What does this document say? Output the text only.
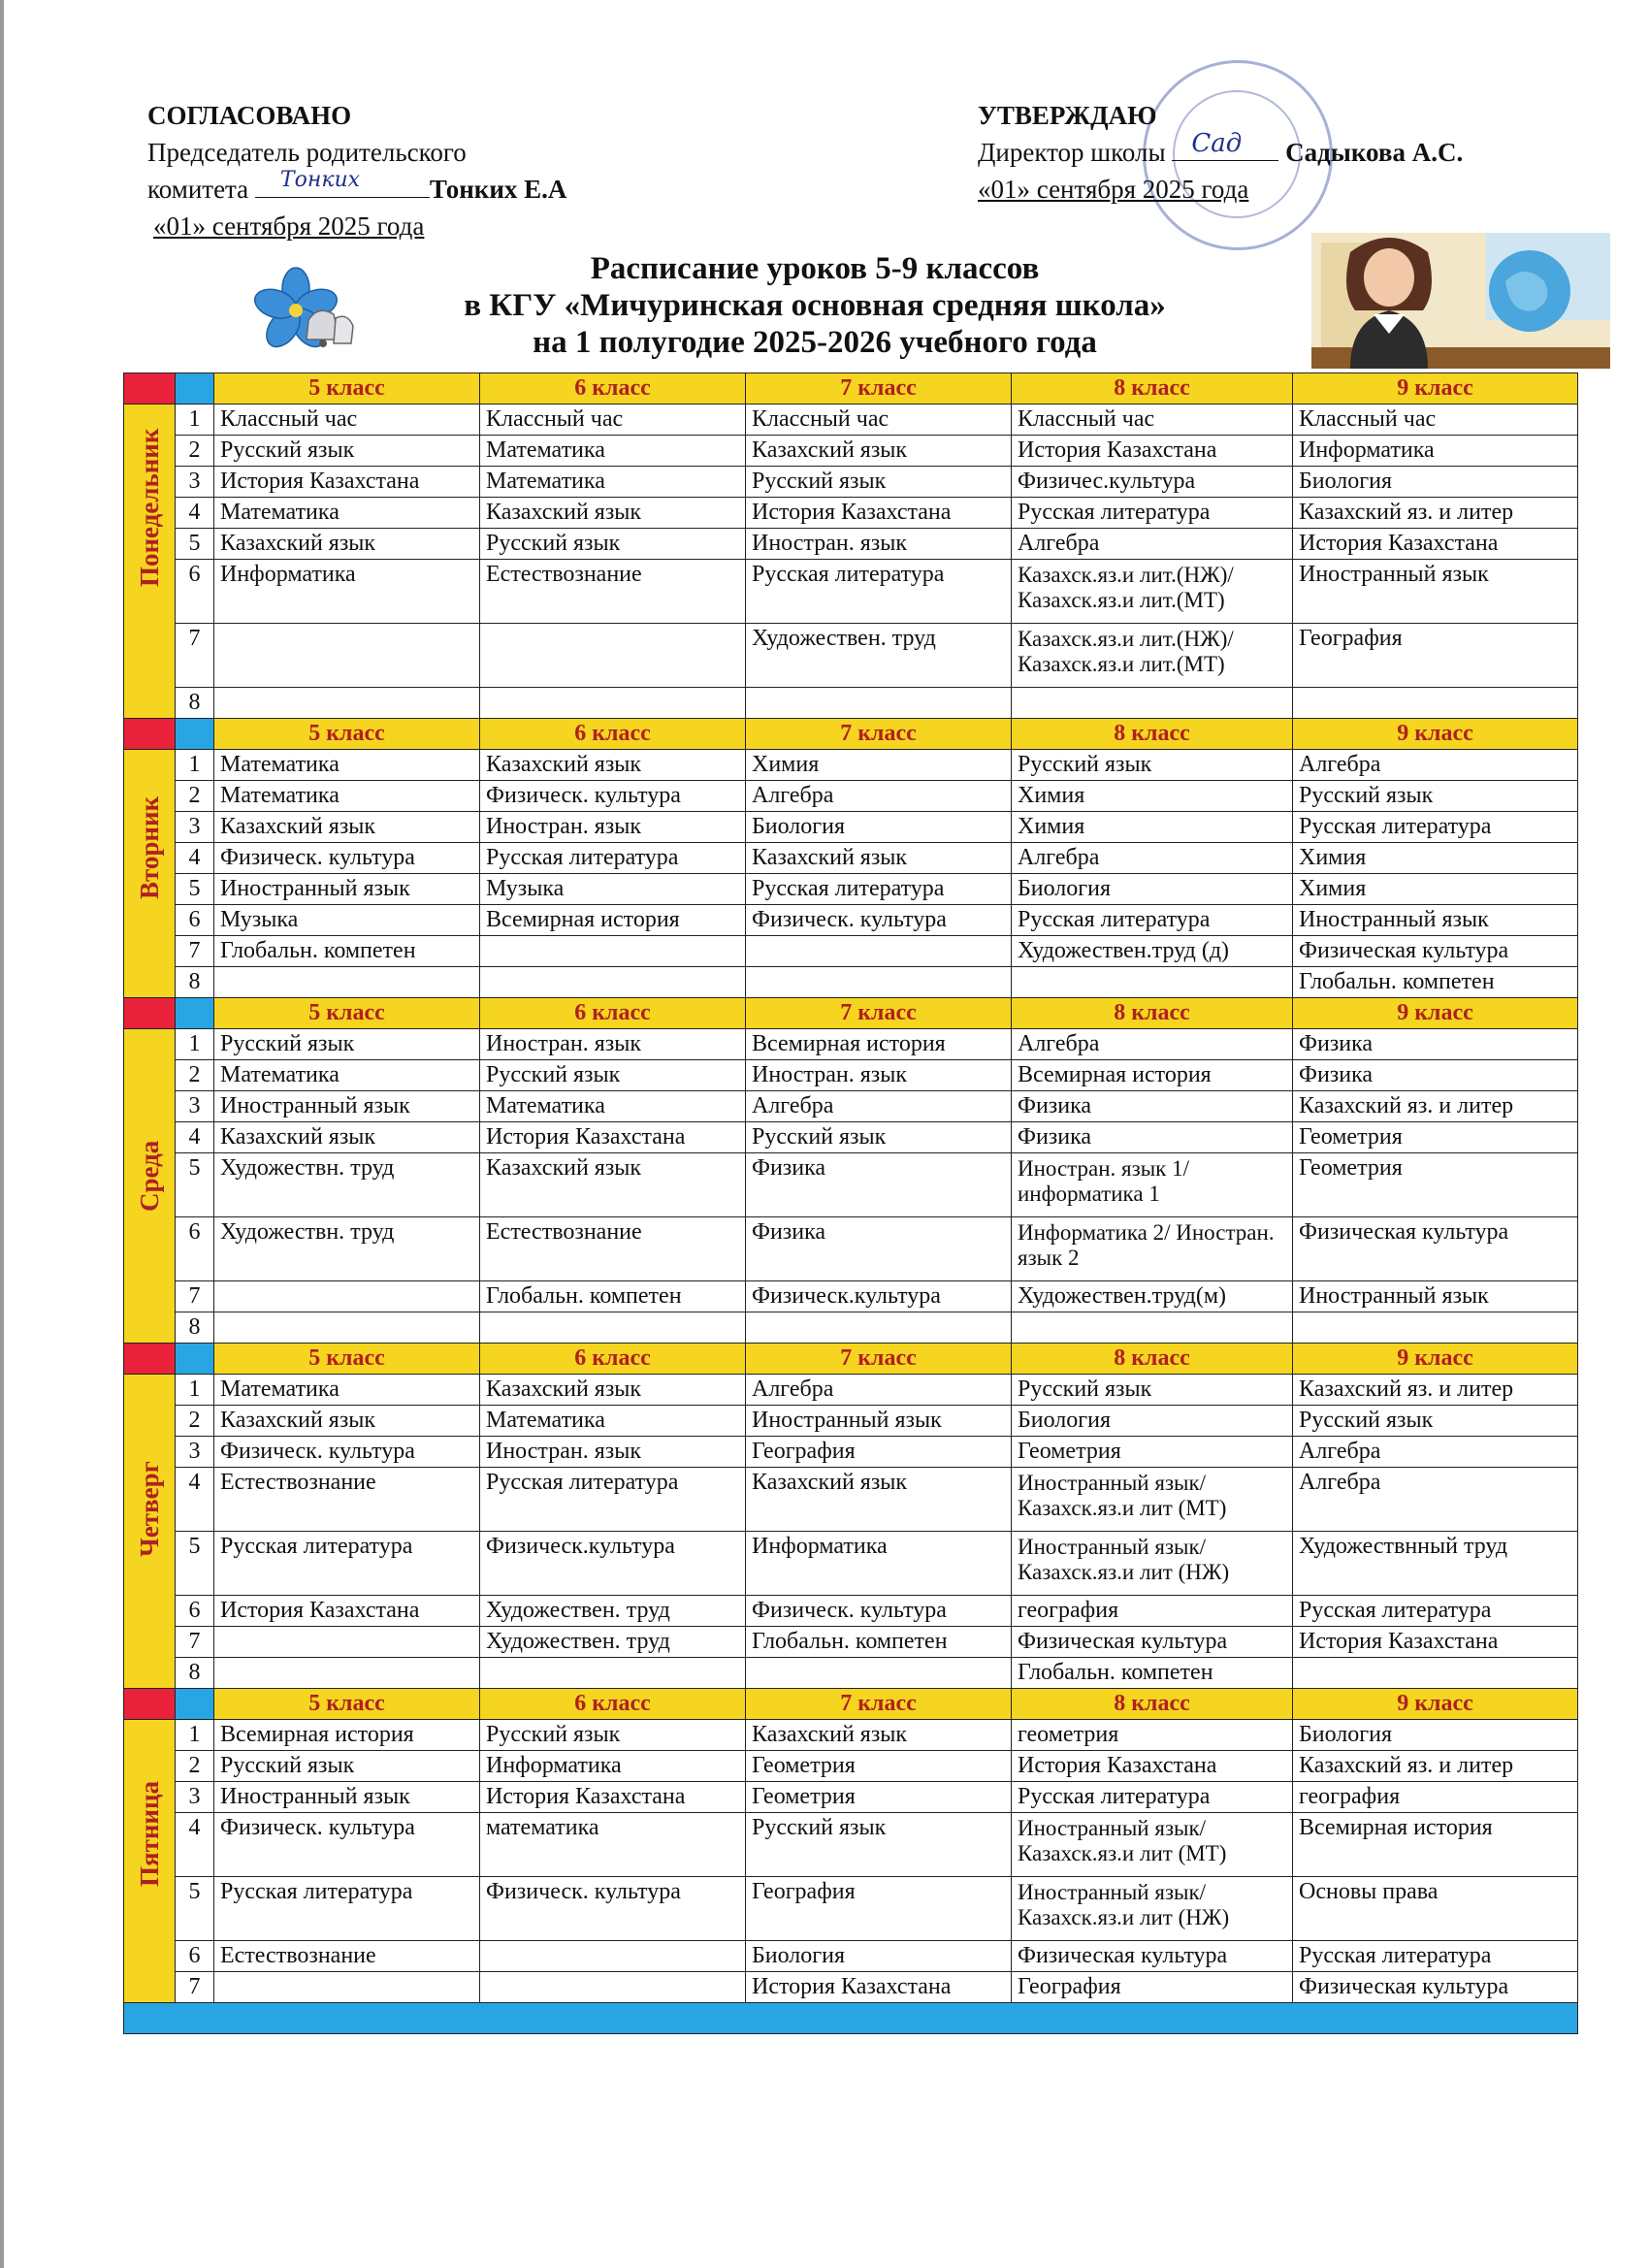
СОГЛАСОВАНО
Председатель родительского
комитета Тонких	Тонких Е.А
«01» сентября 2025 года
УТВЕРЖДАЮ
Директор школы Сад Садыкова А.С.
«01» сентября 2025 года
Расписание уроков 5-9 классов
в КГУ «Мичуринская основная средняя школа»
на 1 полугодие 2025-2026 учебного года
		5 класс	6 класс	7 класс	8 класс	9 класс

Понедельник	1	Классный час	Классный час	Классный час	Классный час	Классный час
	2	Русский язык	Математика	Казахский язык	История Казахстана	Информатика
	3	История Казахстана	Математика	Русский язык	Физичес.культура	Биология
	4	Математика	Казахский язык	История Казахстана	Русская литература	Казахский яз. и литер
	5	Казахский язык	Русский язык	Иностран. язык	Алгебра	История Казахстана
	6	Информатика	Естествознание	Русская литература	Казахск.яз.и лит.(НЖ)/ Казахск.яз.и лит.(МТ)	Иностранный язык
	7			Художествен. труд	Казахск.яз.и лит.(НЖ)/ Казахск.яз.и лит.(МТ)	География
	8					
		5 класс	6 класс	7 класс	8 класс	9 класс

Вторник	1	Математика	Казахский язык	Химия	Русский язык	Алгебра
	2	Математика	Физическ. культура	Алгебра	Химия	Русский язык
	3	Казахский язык	Иностран. язык	Биология	Химия	Русская литература
	4	Физическ. культура	Русская литература	Казахский язык	Алгебра	Химия
	5	Иностранный язык	Музыка	Русская литература	Биология	Химия
	6	Музыка	Всемирная история	Физическ. культура	Русская литература	Иностранный язык
	7	Глобальн. компетен			Художествен.труд (д)	Физическая культура
	8					Глобальн. компетен
		5 класс	6 класс	7 класс	8 класс	9 класс

Среда	1	Русский язык	Иностран. язык	Всемирная история	Алгебра	Физика
	2	Математика	Русский язык	Иностран. язык	Всемирная история	Физика
	3	Иностранный язык	Математика	Алгебра	Физика	Казахский яз. и литер
	4	Казахский язык	История Казахстана	Русский язык	Физика	Геометрия
	5	Художествн. труд	Казахский язык	Физика	Иностран. язык 1/ информатика 1	Геометрия
	6	Художествн. труд	Естествознание	Физика	Информатика 2/ Иностран. язык 2	Физическая культура
	7		Глобальн. компетен	Физическ.культура	Художествен.труд(м)	Иностранный язык
	8					
		5 класс	6 класс	7 класс	8 класс	9 класс

Четверг	1	Математика	Казахский язык	Алгебра	Русский язык	Казахский яз. и литер
	2	Казахский язык	Математика	Иностранный язык	Биология	Русский язык
	3	Физическ. культура	Иностран. язык	География	Геометрия	Алгебра
	4	Естествознание	Русская литература	Казахский язык	Иностранный язык/ Казахск.яз.и лит (МТ)	Алгебра
	5	Русская литература	Физическ.культура	Информатика	Иностранный язык/ Казахск.яз.и лит (НЖ)	Художествнный труд
	6	История Казахстана	Художествен. труд	Физическ. культура	география	Русская литература
	7		Художествен. труд	Глобальн. компетен	Физическая культура	История Казахстана
	8				Глобальн. компетен	
		5 класс	6 класс	7 класс	8 класс	9 класс

Пятница	1	Всемирная история	Русский язык	Казахский язык	геометрия	Биология
	2	Русский язык	Информатика	Геометрия	История Казахстана	Казахский яз. и литер
	3	Иностранный язык	История Казахстана	Геометрия	Русская литература	география
	4	Физическ. культура	математика	Русский язык	Иностранный язык/ Казахск.яз.и лит (МТ)	Всемирная история
	5	Русская литература	Физическ. культура	География	Иностранный язык/ Казахск.яз.и лит (НЖ)	Основы права
	6	Естествознание		Биология	Физическая культура	Русская литература
	7			История Казахстана	География	Физическая культура
